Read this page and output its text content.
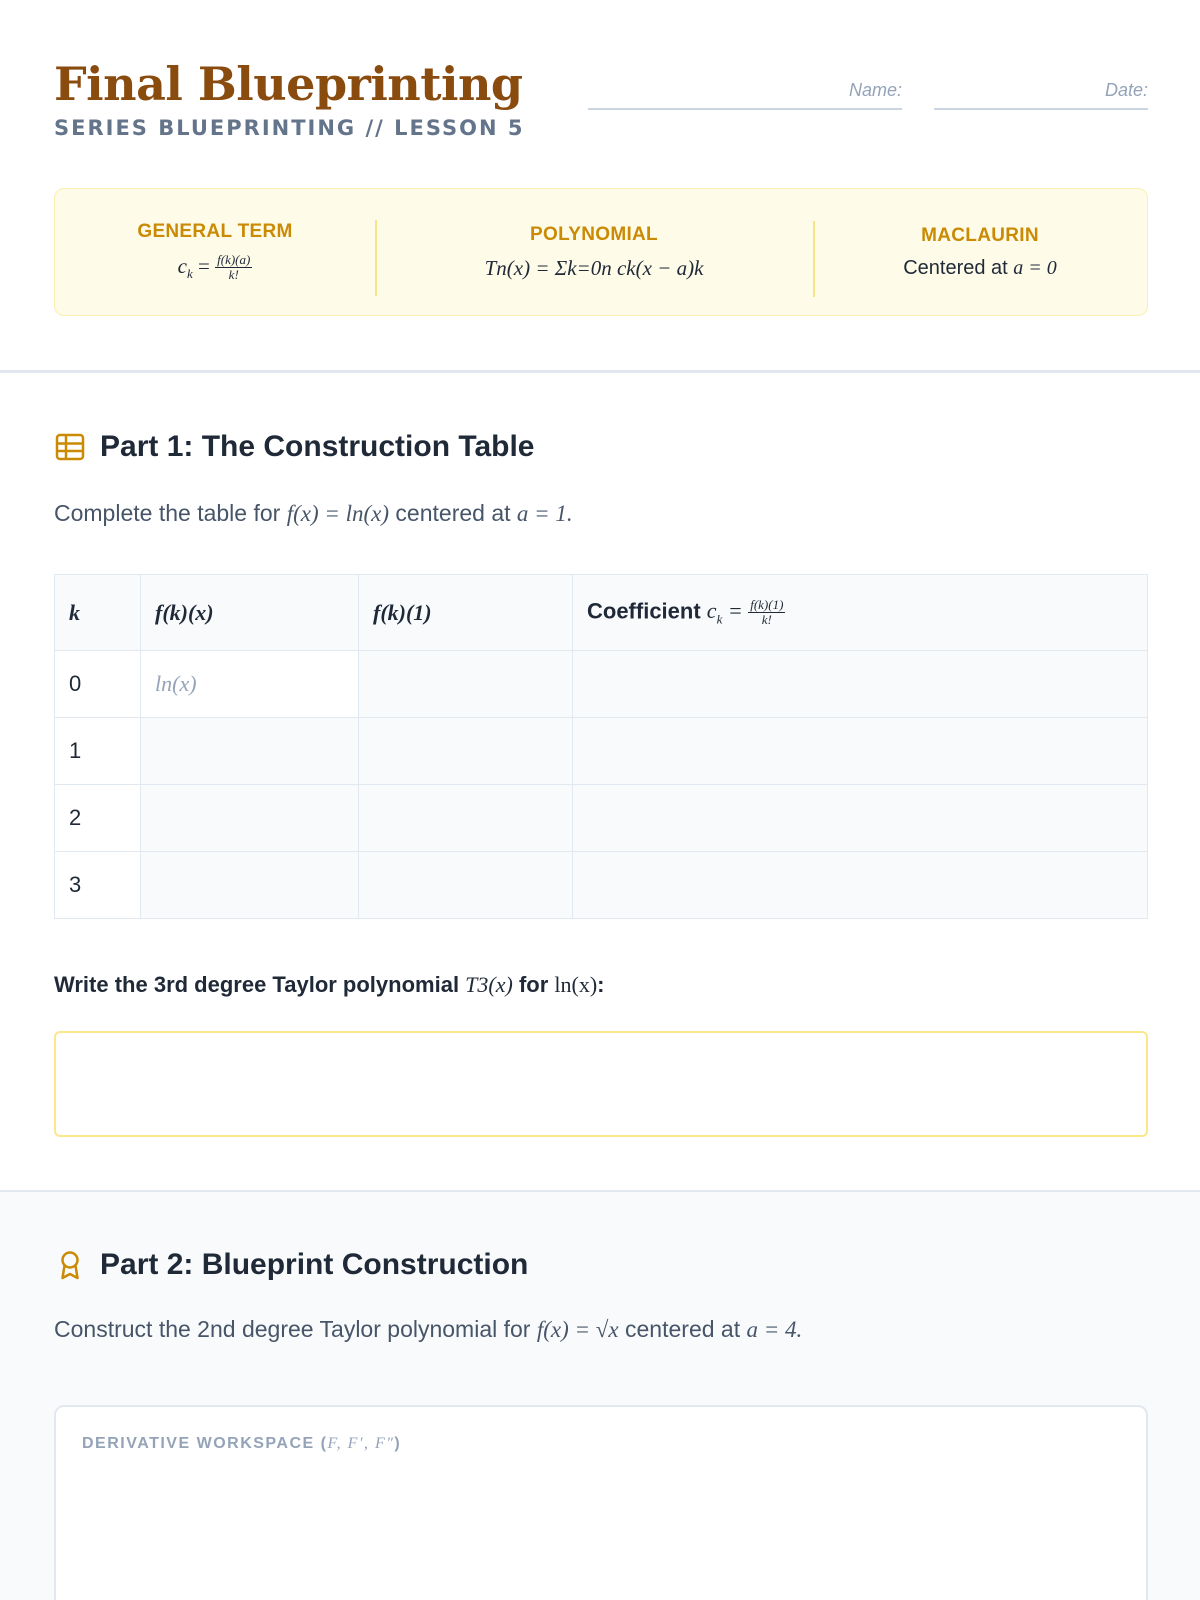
Final Blueprinting
SERIES BLUEPRINTING // LESSON 5
Name:	Date:
GENERAL TERM
$c_k = \frac{f(k)(a)}{k!}$
POLYNOMIAL
Tn(x) = Σk=0n ck(x − a)k
MACLAURIN
Centered at a = 0
Part 1: The Construction Table
Complete the table for f(x) = ln(x) centered at a = 1.
k	f(k)(x)	f(k)(1)	Coefficient $c_k = \frac{f(k)(1)}{k!}$

0	ln(x)		
1			
2			
3			
Write the 3rd degree Taylor polynomial T3(x) for ln(x):
Part 2: Blueprint Construction
Construct the 2nd degree Taylor polynomial for f(x) = √x centered at a = 4.
DERIVATIVE WORKSPACE (F, F′, F″)
